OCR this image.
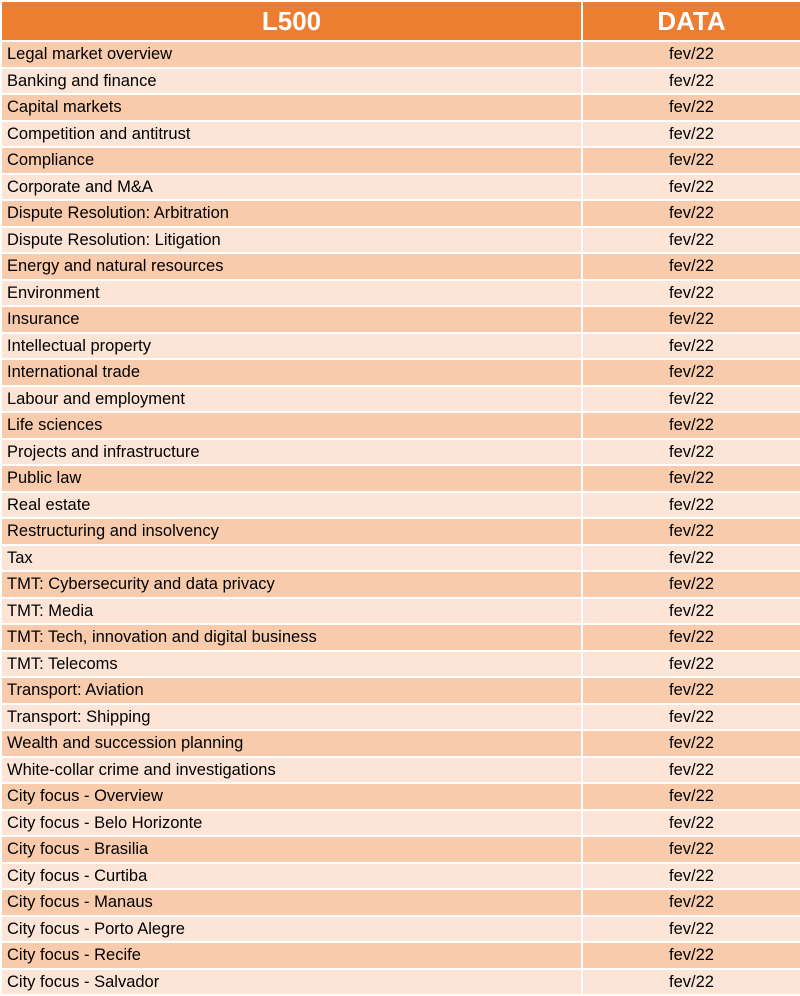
L500	DATA
Legal market overview	fev/22
Banking and finance	fev/22
Capital markets	fev/22
Competition and antitrust	fev/22
Compliance	fev/22
Corporate and M&A	fev/22
Dispute Resolution: Arbitration	fev/22
Dispute Resolution: Litigation	fev/22
Energy and natural resources	fev/22
Environment	fev/22
Insurance	fev/22
Intellectual property	fev/22
International trade	fev/22
Labour and employment	fev/22
Life sciences	fev/22
Projects and infrastructure	fev/22
Public law	fev/22
Real estate	fev/22
Restructuring and insolvency	fev/22
Tax	fev/22
TMT: Cybersecurity and data privacy	fev/22
TMT: Media	fev/22
TMT: Tech, innovation and digital business	fev/22
TMT: Telecoms	fev/22
Transport: Aviation	fev/22
Transport: Shipping	fev/22
Wealth and succession planning	fev/22
White-collar crime and investigations	fev/22
City focus - Overview	fev/22
City focus - Belo Horizonte	fev/22
City focus - Brasilia	fev/22
City focus - Curtiba	fev/22
City focus - Manaus	fev/22
City focus - Porto Alegre	fev/22
City focus - Recife	fev/22
City focus - Salvador	fev/22
